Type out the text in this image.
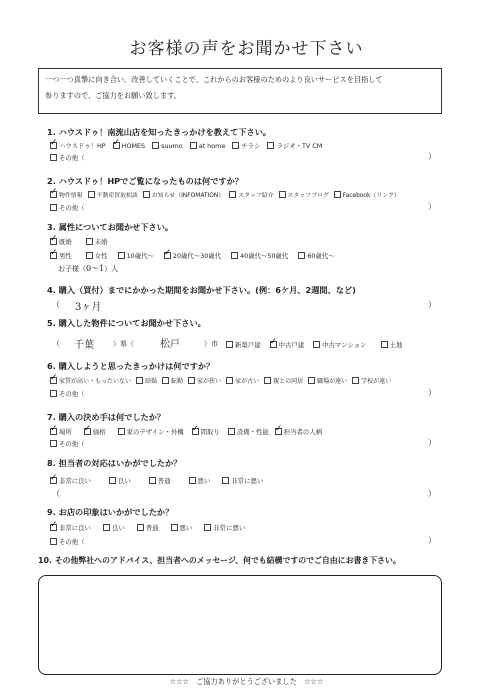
お客様の声をお聞かせ下さい
一つ一つ真摯に向き合い、改善していくことで、これからのお客様のためのより良いサービスを目指して
参りますので、ご協力をお願い致します。
1. ハウスドゥ！南流山店を知ったきっかけを教えて下さい。
✓
ハウスドゥ！HP ✓	HOMES	suumo	at home	チラシ	ラジオ・TV CM
その他（	）
2. ハウスドゥ！HPでご覧になったものは何ですか？
✓
物件情報 不動産買取相談 お知らせ（INFOMATION） スタッフ紹介 スタッフブログ Facebook（リンク）
その他（	）
3. 属性についてお聞かせ下さい。
✓
既婚	未婚
✓
男性	女性	10歳代～ ✓	20歳代～30歳代	40歳代～50歳代	60歳代～
お子様（ 0～1 ）人
4. 購入（買付）までにかかった期間をお聞かせ下さい。(例：6ケ月、2週間、など)
（ 3ヶ月	）
5. 購入した物件についてお聞かせ下さい。
（ 千葉	）県（	松戸	）市	新築戸建 ✓	中古戸建	中古マンション	土地
6. 購入しようと思ったきっかけは何ですか？
✓
家賃が高い・もったいない 結婚 転勤 家が狭い 家が古い 親との同居 職場が遠い 学校が遠い
その他（	）
7. 購入の決め手は何でしたか？
✓
場所 ✓	価格	家のデザイン・外構 ✓	間取り	設備・性能 ✓ 担当者の人柄
その他（	）
8. 担当者の対応はいかがでしたか？
✓
非常に良い	良い	普通	悪い	非常に悪い
（	）
9. お店の印象はいかがでしたか？
✓
非常に良い	良い	普通	悪い	非常に悪い
その他（	）
10. その他弊社へのアドバイス、担当者へのメッセージ、何でも結構ですのでご自由にお書き下さい。
☆☆☆　ご協力ありがとうございました　☆☆☆
